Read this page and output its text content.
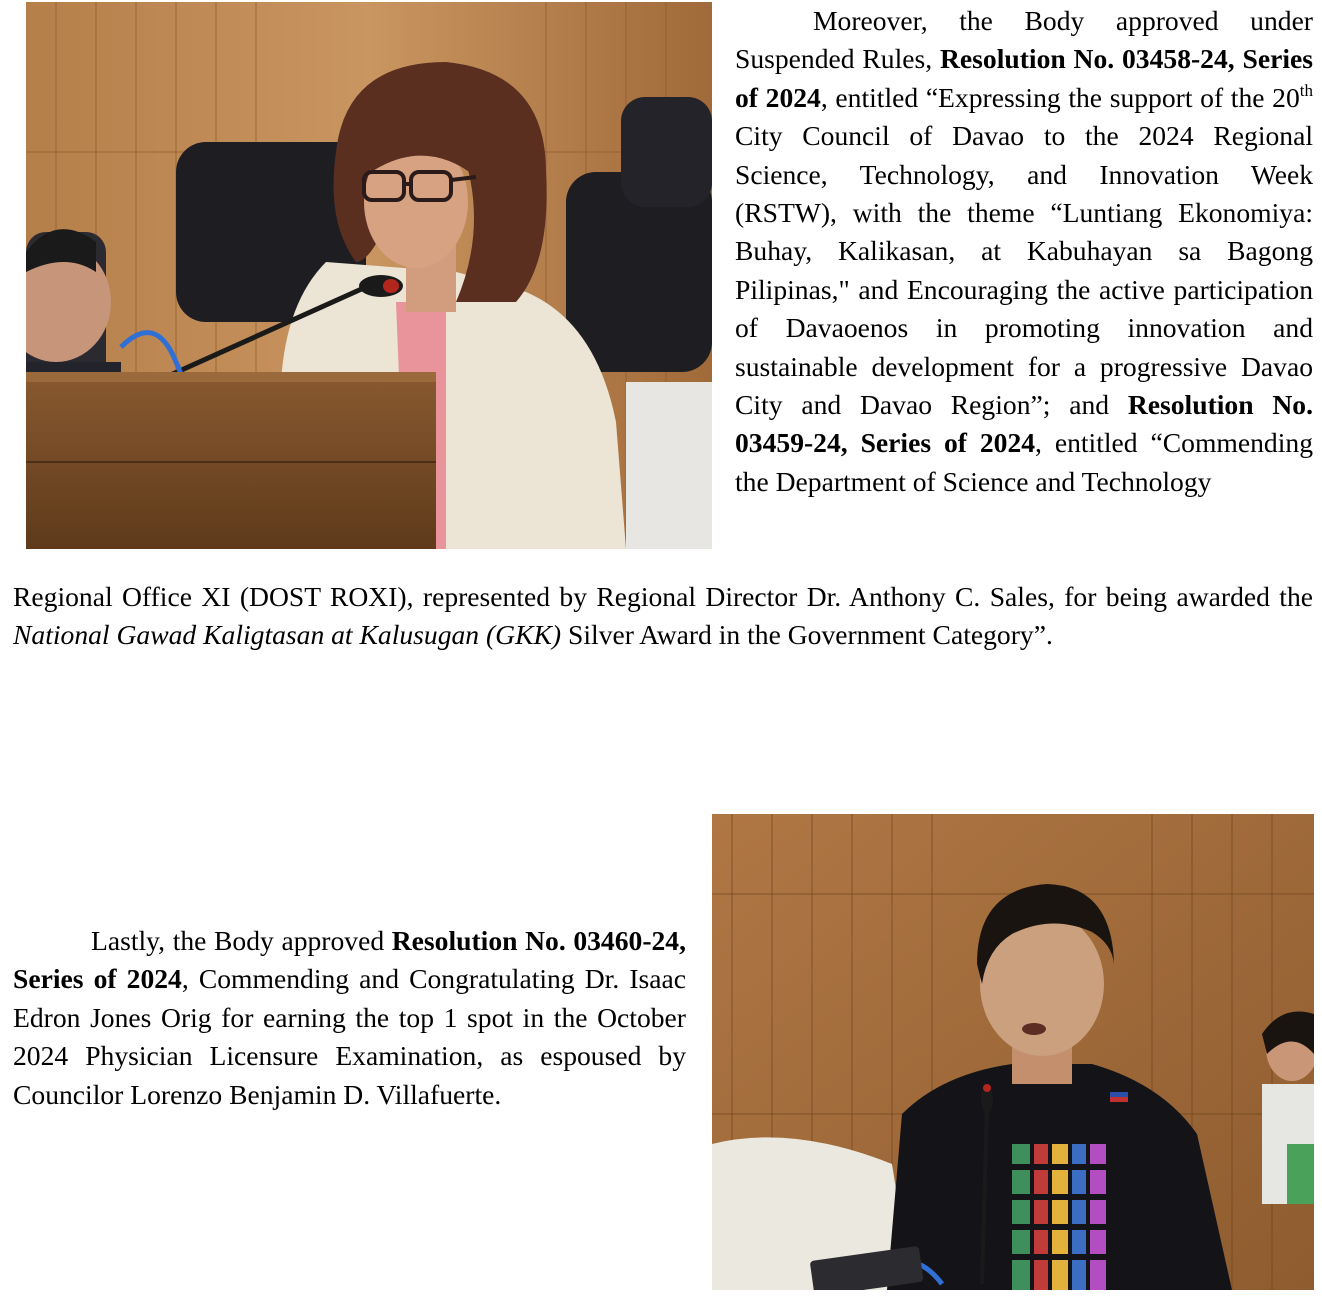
Moreover, the Body approved under Suspended Rules, Resolution No. 03458-24, Series of 2024, entitled “Expressing the support of the 20th City Council of Davao to the 2024 Regional Science, Technology, and Innovation Week (RSTW), with the theme “Luntiang Ekonomiya: Buhay, Kalikasan, at Kabuhayan sa Bagong Pilipinas," and Encouraging the active participation of Davaoenos in promoting innovation and sustainable development for a progressive Davao City and Davao Region”; and Resolution No. 03459-24, Series of 2024, entitled “Commending the Department of Science and Technology
Regional Office XI (DOST ROXI), represented by Regional Director Dr. Anthony C. Sales, for being awarded the National Gawad Kaligtasan at Kalusugan (GKK) Silver Award in the Government Category”.
Lastly, the Body approved Resolution No. 03460-24, Series of 2024, Commending and Congratulating Dr. Isaac Edron Jones Orig for earning the top 1 spot in the October 2024 Physician Licensure Examination, as espoused by Councilor Lorenzo Benjamin D. Villafuerte.
